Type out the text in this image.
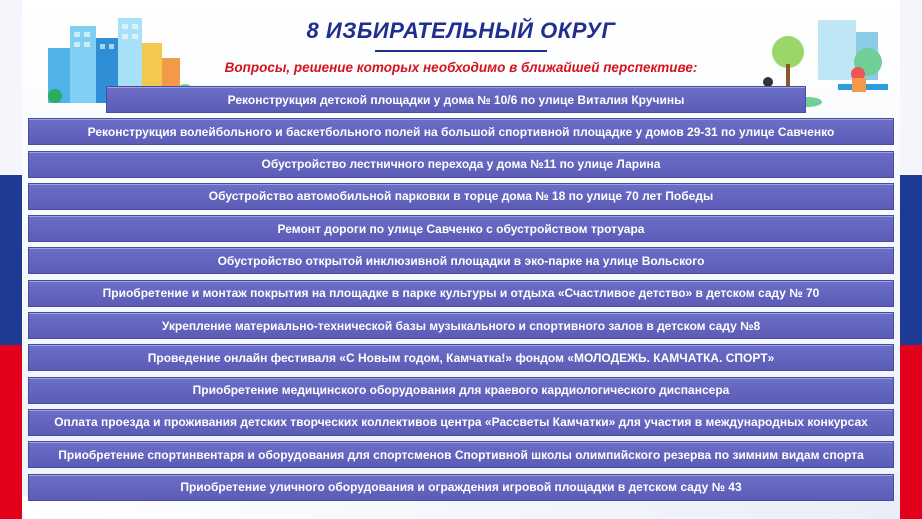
8 ИЗБИРАТЕЛЬНЫЙ ОКРУГ
Вопросы, решение которых необходимо в ближайшей перспективе:
Реконструкция детской площадки у дома № 10/6 по улице Виталия Кручины
Реконструкция волейбольного и баскетбольного полей на большой спортивной площадке у домов 29-31 по улице Савченко
Обустройство лестничного перехода у дома №11 по улице Ларина
Обустройство автомобильной парковки в торце дома № 18 по улице 70 лет Победы
Ремонт дороги по улице Савченко с обустройством тротуара
Обустройство открытой инклюзивной площадки в эко-парке на улице Вольского
Приобретение и монтаж покрытия на площадке в парке культуры и отдыха «Счастливое детство» в детском саду № 70
Укрепление материально-технической базы музыкального и спортивного залов в детском саду №8
Проведение онлайн фестиваля «С Новым годом, Камчатка!» фондом «МОЛОДЕЖЬ. КАМЧАТКА. СПОРТ»
Приобретение медицинского оборудования для краевого кардиологического диспансера
Оплата проезда и проживания детских творческих коллективов центра «Рассветы Камчатки» для участия в международных конкурсах
Приобретение спортинвентаря и оборудования для спортсменов Спортивной школы олимпийского резерва по зимним видам спорта
Приобретение уличного оборудования и ограждения игровой площадки в детском саду № 43
